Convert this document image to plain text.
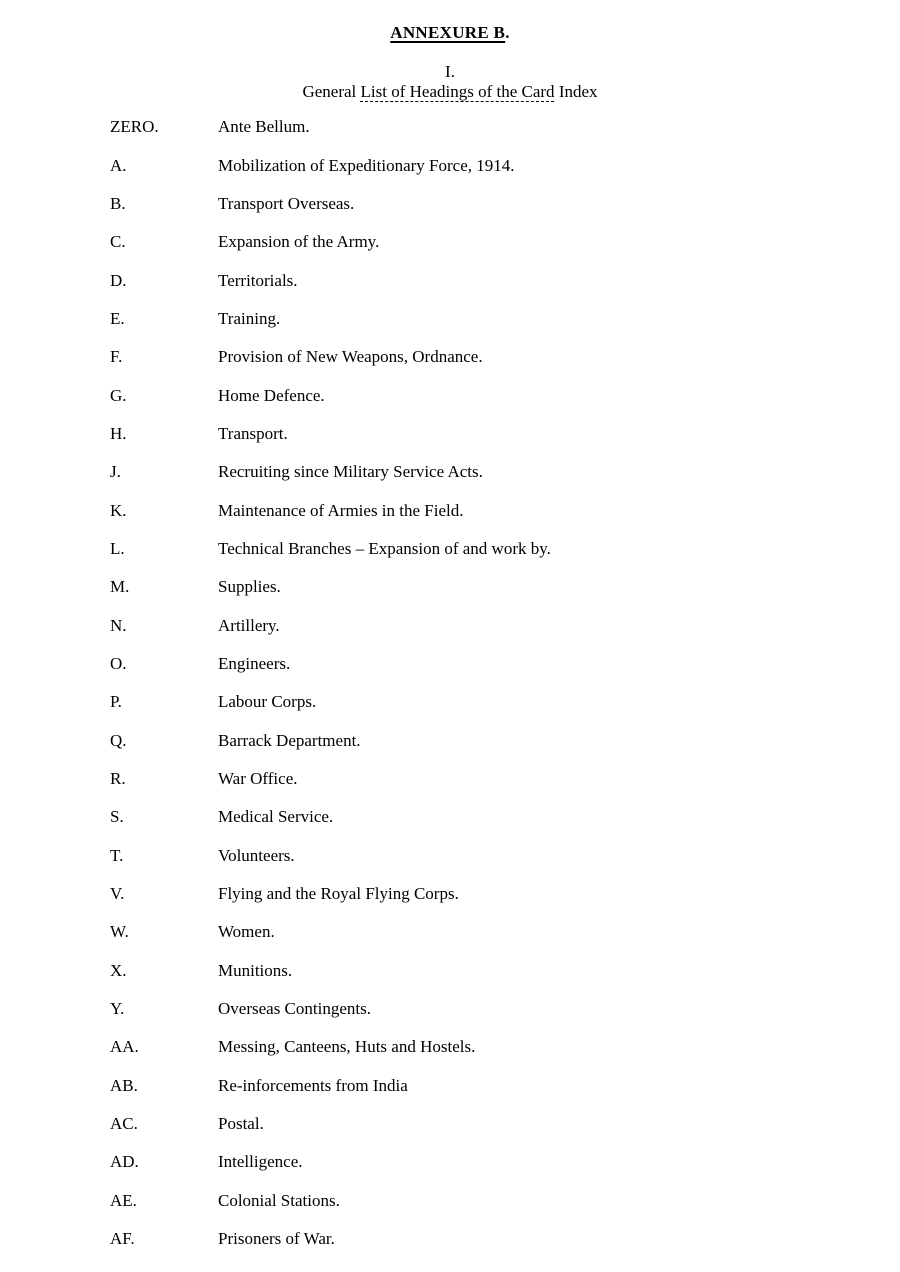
ANNEXURE B.
I.
General List of Headings of the Card Index
ZERO.	Ante Bellum.
A.	Mobilization of Expeditionary Force, 1914.
B.	Transport Overseas.
C.	Expansion of the Army.
D.	Territorials.
E.	Training.
F.	Provision of New Weapons, Ordnance.
G.	Home Defence.
H.	Transport.
J.	Recruiting since Military Service Acts.
K.	Maintenance of Armies in the Field.
L.	Technical Branches – Expansion of and work by.
M.	Supplies.
N.	Artillery.
O.	Engineers.
P.	Labour Corps.
Q.	Barrack Department.
R.	War Office.
S.	Medical Service.
T.	Volunteers.
V.	Flying and the Royal Flying Corps.
W.	Women.
X.	Munitions.
Y.	Overseas Contingents.
AA.	Messing, Canteens, Huts and Hostels.
AB.	Re-inforcements from India
AC.	Postal.
AD.	Intelligence.
AE.	Colonial Stations.
AF.	Prisoners of War.
